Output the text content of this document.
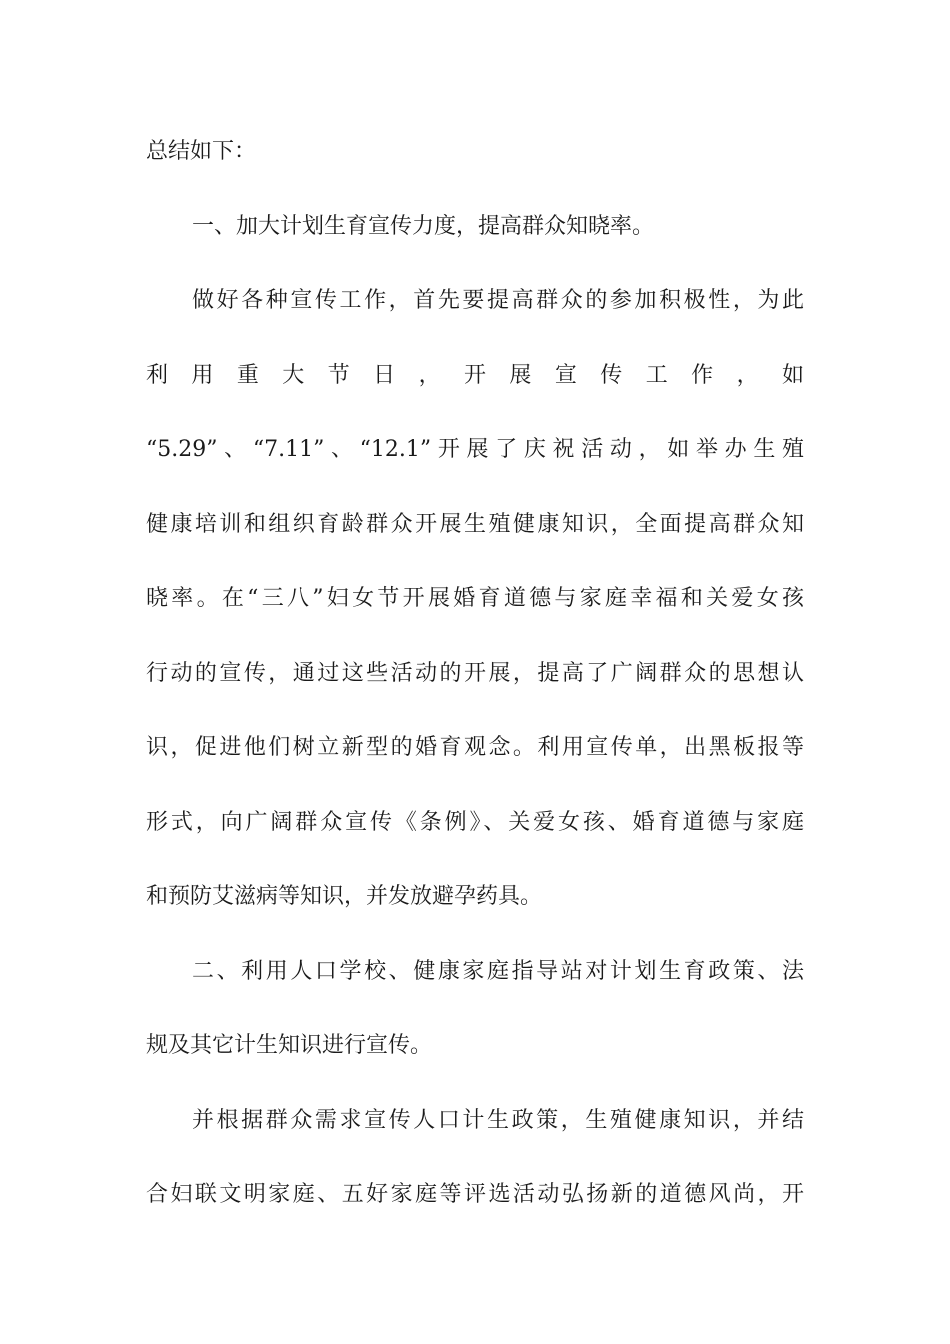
总结如下：
一、加大计划生育宣传力度，提高群众知晓率。
做好各种宣传工作，首先要提高群众的参加积极性，为此
利 用 重 大 节 日 ， 开 展 宣 传 工 作 ， 如
“5.29”、“7.11”、“12.1”开展了庆祝活动，如举办生殖
健康培训和组织育龄群众开展生殖健康知识，全面提高群众知
晓率。在“三八”妇女节开展婚育道德与家庭幸福和关爱女孩
行动的宣传，通过这些活动的开展，提高了广阔群众的思想认
识，促进他们树立新型的婚育观念。利用宣传单，出黑板报等
形式，向广阔群众宣传《条例》、关爱女孩、婚育道德与家庭
和预防艾滋病等知识，并发放避孕药具。
二、利用人口学校、健康家庭指导站对计划生育政策、法
规及其它计生知识进行宣传。
并根据群众需求宣传人口计生政策，生殖健康知识，并结
合妇联文明家庭、五好家庭等评选活动弘扬新的道德风尚，开
